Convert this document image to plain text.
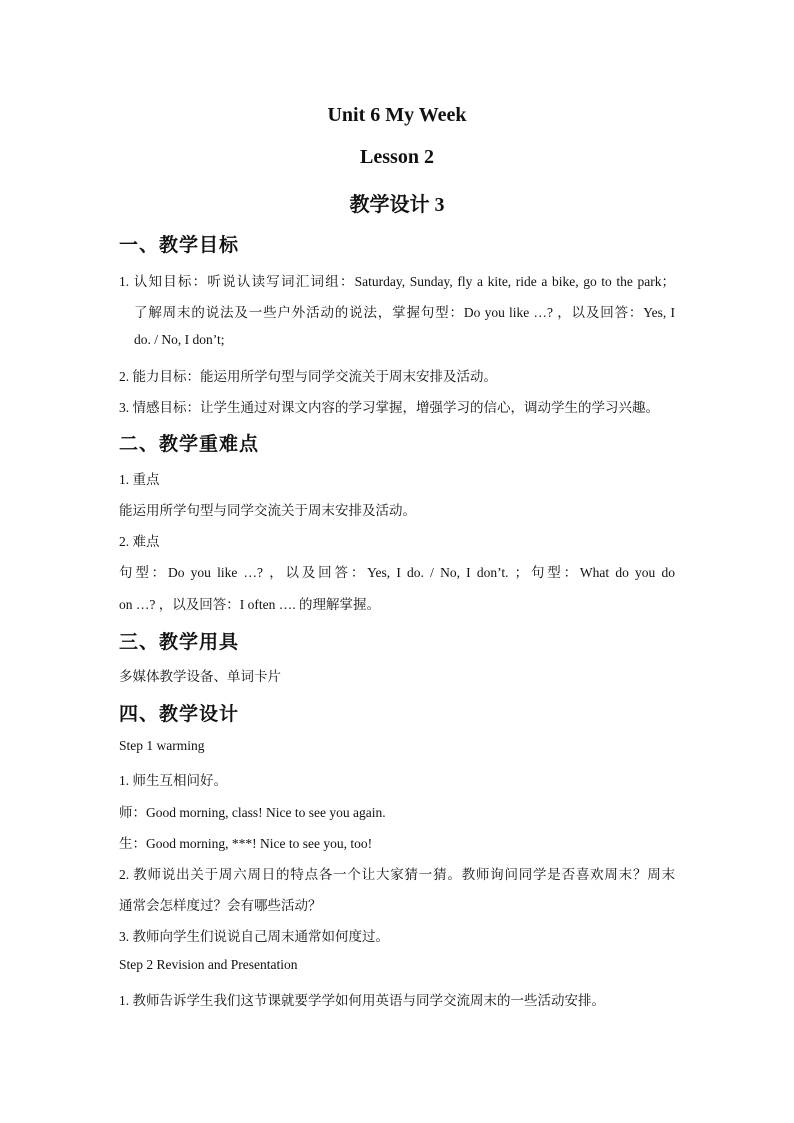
Unit 6 My Week
Lesson 2
教学设计 3
一、教学目标
1. 认知目标：听说认读写词汇词组：Saturday, Sunday, fly a kite, ride a bike, go to the park；
了解周末的说法及一些户外活动的说法，掌握句型：Do you like …? ，以及回答：Yes, I
do. / No, I don’t;
2. 能力目标：能运用所学句型与同学交流关于周末安排及活动。
3. 情感目标：让学生通过对课文内容的学习掌握，增强学习的信心，调动学生的学习兴趣。
二、教学重难点
1. 重点
能运用所学句型与同学交流关于周末安排及活动。
2. 难点
句型：Do you like …? ，以及回答：Yes, I do. / No, I don’t. ；句型：What do you do
on …? ，以及回答：I often …. 的理解掌握。
三、教学用具
多媒体教学设备、单词卡片
四、教学设计
Step 1 warming
1. 师生互相问好。
师：Good morning, class! Nice to see you again.
生：Good morning, ***! Nice to see you, too!
2. 教师说出关于周六周日的特点各一个让大家猜一猜。教师询问同学是否喜欢周末？周末
通常会怎样度过？会有哪些活动？
3. 教师向学生们说说自己周末通常如何度过。
Step 2 Revision and Presentation
1. 教师告诉学生我们这节课就要学学如何用英语与同学交流周末的一些活动安排。
